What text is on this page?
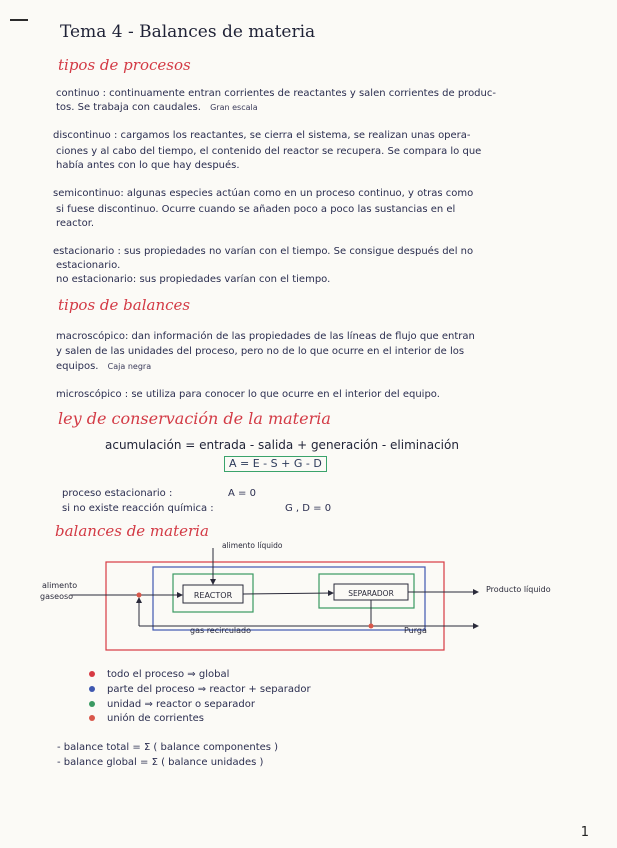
Tema 4 - Balances de materia
tipos de procesos
continuo : continuamente entran corrientes de reactantes y salen corrientes de produc-
tos. Se trabaja con caudales. Gran escala
discontinuo : cargamos los reactantes, se cierra el sistema, se realizan unas opera-
ciones y al cabo del tiempo, el contenido del reactor se recupera. Se compara lo que
había antes con lo que hay después.
semicontinuo: algunas especies actúan como en un proceso continuo, y otras como
si fuese discontinuo. Ocurre cuando se añaden poco a poco las sustancias en el
reactor.
estacionario : sus propiedades no varían con el tiempo. Se consigue después del no
estacionario.
no estacionario: sus propiedades varían con el tiempo.
tipos de balances
macroscópico: dan información de las propiedades de las líneas de flujo que entran
y salen de las unidades del proceso, pero no de lo que ocurre en el interior de los
equipos. Caja negra
microscópico : se utiliza para conocer lo que ocurre en el interior del equipo.
ley de conservación de la materia
acumulación = entrada - salida + generación - eliminación
A = E - S + G - D
proceso estacionario :	A = 0
si no existe reacción química :	G , D = 0
balances de materia
REACTOR	SEPARADOR
alimento líquido
alimento
gaseoso
Producto líquido
gas recirculado	Purga
todo el proceso ⇒ global
parte del proceso ⇒ reactor + separador
unidad ⇒ reactor o separador
unión de corrientes
- balance total = Σ ( balance componentes )
- balance global = Σ ( balance unidades )
1
